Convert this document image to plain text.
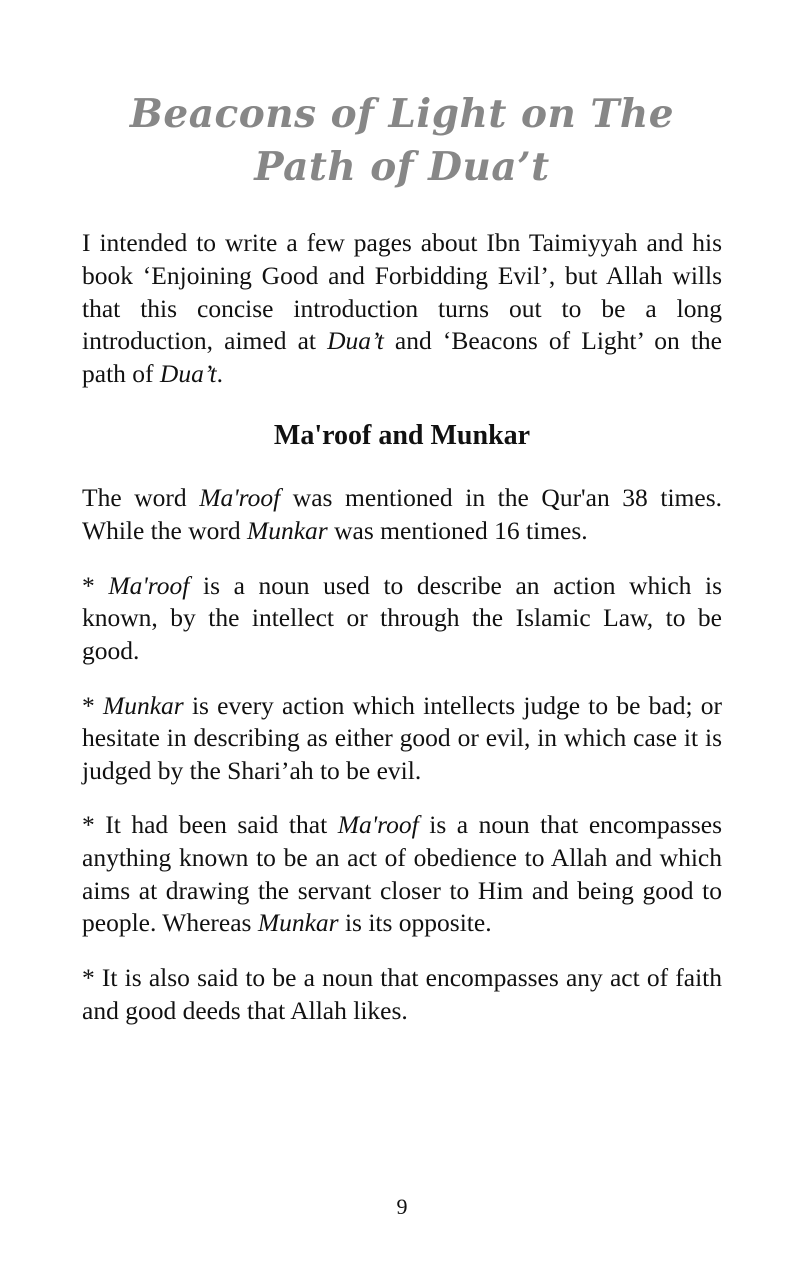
Beacons of Light on The
Path of Dua’t

I intended to write a few pages about Ibn Taimiyyah and his book ‘Enjoining Good and Forbidding Evil’, but Allah wills that this concise introduction turns out to be a long introduction, aimed at Dua’t and ‘Beacons of Light’ on the path of Dua’t.

Ma'roof and Munkar

The word Ma'roof was mentioned in the Qur'an 38 times. While the word Munkar was mentioned 16 times.

* Ma'roof is a noun used to describe an action which is known, by the intellect or through the Islamic Law, to be good.

* Munkar is every action which intellects judge to be bad; or hesitate in describing as either good or evil, in which case it is judged by the Shari’ah to be evil.

* It had been said that Ma'roof is a noun that encompasses anything known to be an act of obedience to Allah and which aims at drawing the servant closer to Him and being good to people. Whereas Munkar is its opposite.

* It is also said to be a noun that encompasses any act of faith and good deeds that Allah likes.

9
